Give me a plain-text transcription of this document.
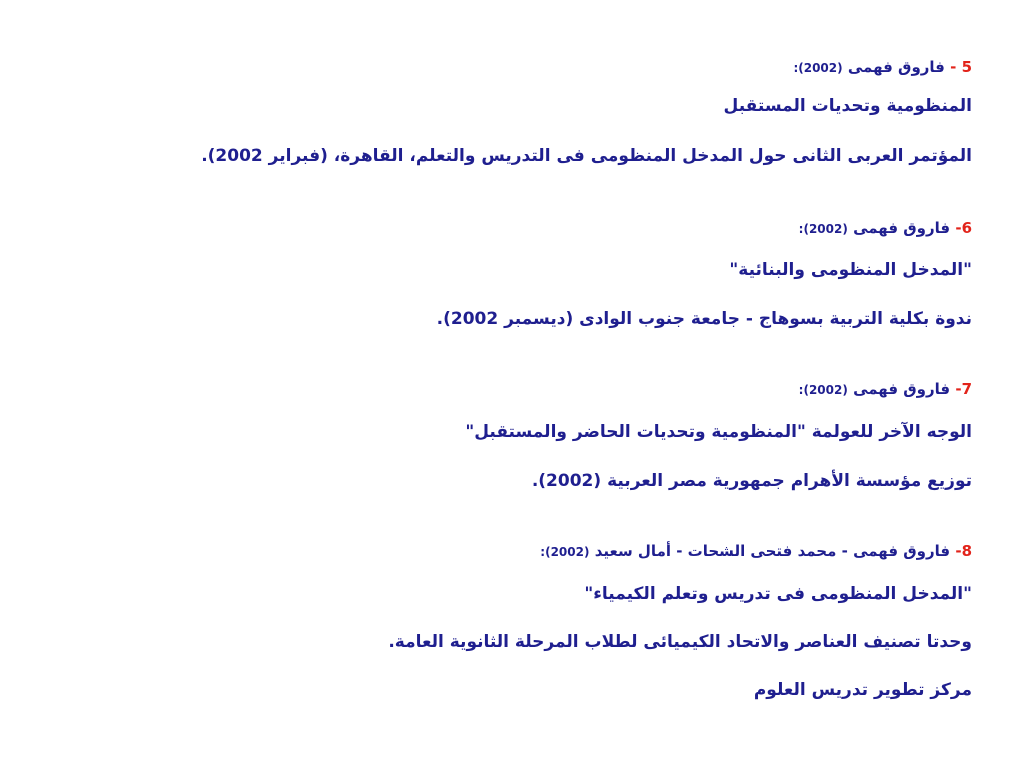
5 - فاروق فهمى (2002):
المنظومية وتحديات المستقبل
المؤتمر العربى الثانى حول المدخل المنظومى فى التدريس والتعلم، القاهرة، (فبراير 2002).
6- فاروق فهمى (2002):
"المدخل المنظومى والبنائية"
ندوة بكلية التربية بسوهاج - جامعة جنوب الوادى (ديسمبر 2002).
7- فاروق فهمى (2002):
الوجه الآخر للعولمة "المنظومية وتحديات الحاضر والمستقبل"
توزيع مؤسسة الأهرام جمهورية مصر العربية (2002).
8- فاروق فهمى - محمد فتحى الشحات - أمال سعيد (2002):
"المدخل المنظومى فى تدريس وتعلم الكيمياء"
وحدتا تصنيف العناصر والاتحاد الكيميائى لطلاب المرحلة الثانوية العامة.
مركز تطوير تدريس العلوم
